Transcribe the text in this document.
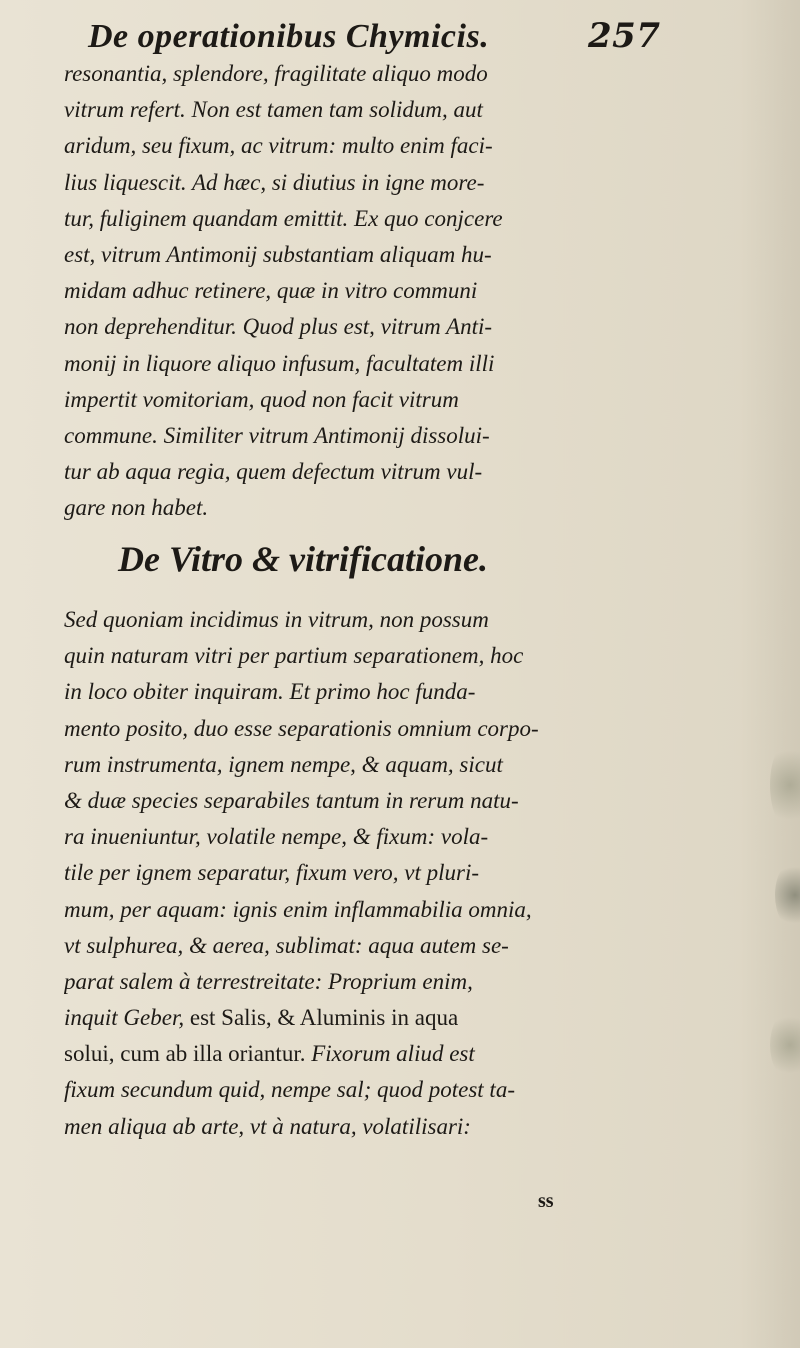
De operationibus Chymicis.	257
resonantia, splendore, fragilitate aliquo modo
vitrum refert. Non est tamen tam solidum, aut
aridum, seu fixum, ac vitrum: multo enim faci-
lius liquescit. Ad hæc, si diutius in igne more-
tur, fuliginem quandam emittit. Ex quo conjcere
est, vitrum Antimonij substantiam aliquam hu-
midam adhuc retinere, quæ in vitro communi
non deprehenditur. Quod plus est, vitrum Anti-
monij in liquore aliquo infusum, facultatem illi
impertit vomitoriam, quod non facit vitrum
commune. Similiter vitrum Antimonij dissolui-
tur ab aqua regia, quem defectum vitrum vul-
gare non habet.
De Vitro & vitrificatione.
Sed quoniam incidimus in vitrum, non possum
quin naturam vitri per partium separationem, hoc
in loco obiter inquiram. Et primo hoc funda-
mento posito, duo esse separationis omnium corpo-
rum instrumenta, ignem nempe, & aquam, sicut
& duæ species separabiles tantum in rerum natu-
ra inueniuntur, volatile nempe, & fixum: vola-
tile per ignem separatur, fixum vero, vt pluri-
mum, per aquam: ignis enim inflammabilia omnia,
vt sulphurea, & aerea, sublimat: aqua autem se-
parat salem à terrestreitate: Proprium enim,
inquit Geber, est Salis, & Aluminis in aqua
solui, cum ab illa oriantur. Fixorum aliud est
fixum secundum quid, nempe sal; quod potest ta-
men aliqua ab arte, vt à natura, volatilisari:
ss
